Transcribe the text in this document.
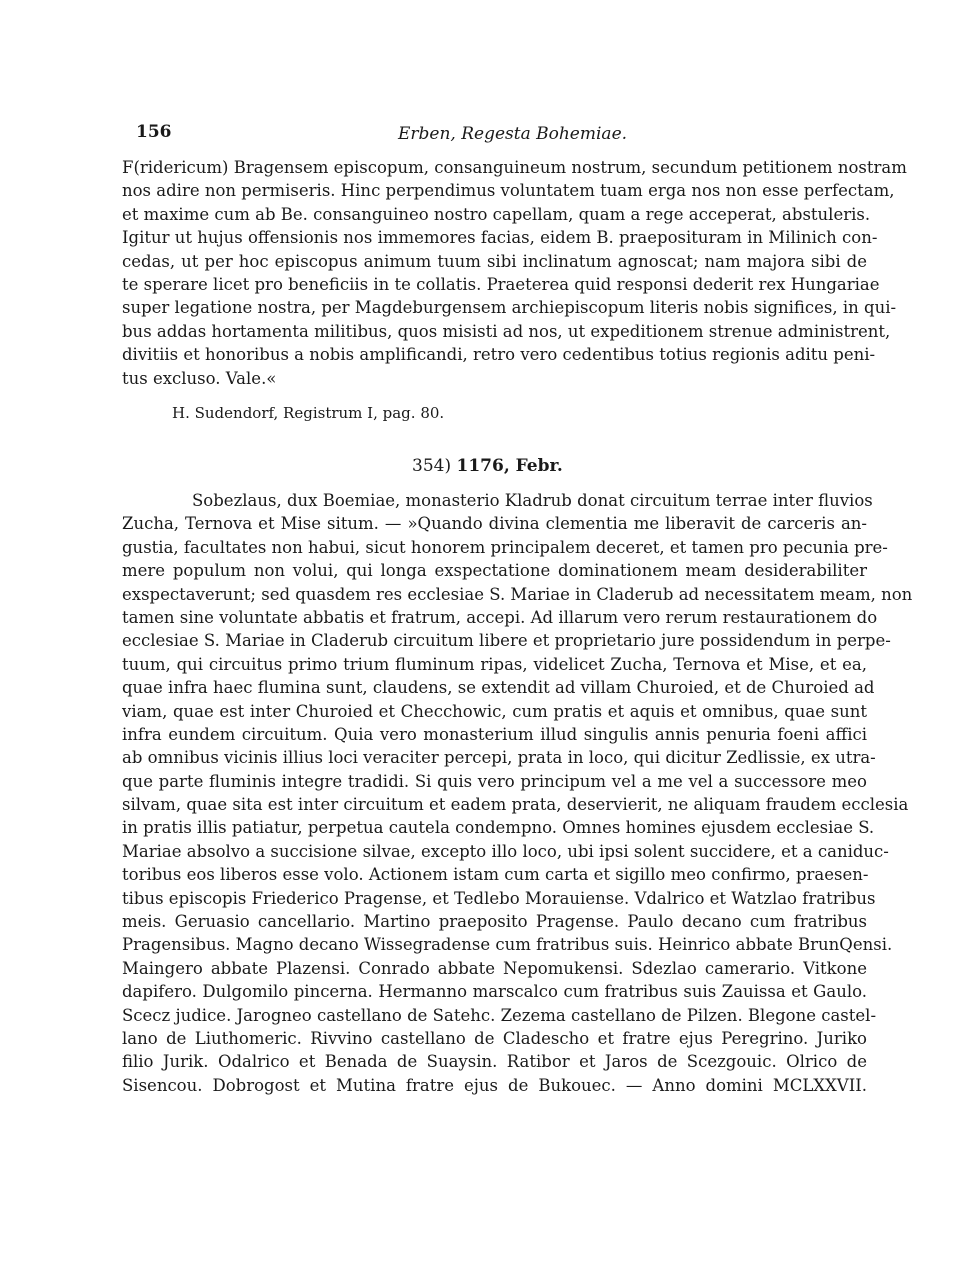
156	Erben, Regesta Bohemiae.
F(ridericum) Bragensem episcopum, consanguineum nostrum, secundum petitionem nostram
nos adire non permiseris. Hinc perpendimus voluntatem tuam erga nos non esse perfectam,
et maxime cum ab Be. consanguineo nostro capellam, quam a rege acceperat, abstuleris.
Igitur ut hujus offensionis nos immemores facias, eidem B. praeposituram in Milinich con-
cedas, ut per hoc episcopus animum tuum sibi inclinatum agnoscat; nam majora sibi de
te sperare licet pro beneficiis in te collatis. Praeterea quid responsi dederit rex Hungariae
super legatione nostra, per Magdeburgensem archiepiscopum literis nobis significes, in qui-
bus addas hortamenta militibus, quos misisti ad nos, ut expeditionem strenue administrent,
divitiis et honoribus a nobis amplificandi, retro vero cedentibus totius regionis aditu peni-
tus excluso. Vale.«
H. Sudendorf, Registrum I, pag. 80.
354) 1176, Febr.
Sobezlaus, dux Boemiae, monasterio Kladrub donat circuitum terrae inter fluvios
Zucha, Ternova et Mise situm. — »Quando divina clementia me liberavit de carceris an-
gustia, facultates non habui, sicut honorem principalem deceret, et tamen pro pecunia pre-
mere populum non volui, qui longa exspectatione dominationem meam desiderabiliter
exspectaverunt; sed quasdem res ecclesiae S. Mariae in Claderub ad necessitatem meam, non
tamen sine voluntate abbatis et fratrum, accepi. Ad illarum vero rerum restaurationem do
ecclesiae S. Mariae in Claderub circuitum libere et proprietario jure possidendum in perpe-
tuum, qui circuitus primo trium fluminum ripas, videlicet Zucha, Ternova et Mise, et ea,
quae infra haec flumina sunt, claudens, se extendit ad villam Churoied, et de Churoied ad
viam, quae est inter Churoied et Checchowic, cum pratis et aquis et omnibus, quae sunt
infra eundem circuitum. Quia vero monasterium illud singulis annis penuria foeni affici
ab omnibus vicinis illius loci veraciter percepi, prata in loco, qui dicitur Zedlissie, ex utra-
que parte fluminis integre tradidi. Si quis vero principum vel a me vel a successore meo
silvam, quae sita est inter circuitum et eadem prata, deservierit, ne aliquam fraudem ecclesia
in pratis illis patiatur, perpetua cautela condempno. Omnes homines ejusdem ecclesiae S.
Mariae absolvo a succisione silvae, excepto illo loco, ubi ipsi solent succidere, et a caniduc-
toribus eos liberos esse volo. Actionem istam cum carta et sigillo meo confirmo, praesen-
tibus episcopis Friederico Pragense, et Tedlebo Morauiense. Vdalrico et Watzlao fratribus
meis. Geruasio cancellario. Martino praeposito Pragense. Paulo decano cum fratribus
Pragensibus. Magno decano Wissegradense cum fratribus suis. Heinrico abbate BrunQensi.
Maingero abbate Plazensi. Conrado abbate Nepomukensi. Sdezlao camerario. Vitkone
dapifero. Dulgomilo pincerna. Hermanno marscalco cum fratribus suis Zauissa et Gaulo.
Scecz judice. Jarogneo castellano de Satehc. Zezema castellano de Pilzen. Blegone castel-
lano de Liuthomeric. Rivvino castellano de Cladescho et fratre ejus Peregrino. Juriko
filio Jurik. Odalrico et Benada de Suaysin. Ratibor et Jaros de Scezgouic. Olrico de
Sisencou. Dobrogost et Mutina fratre ejus de Bukouec. — Anno domini MCLXXVII.
